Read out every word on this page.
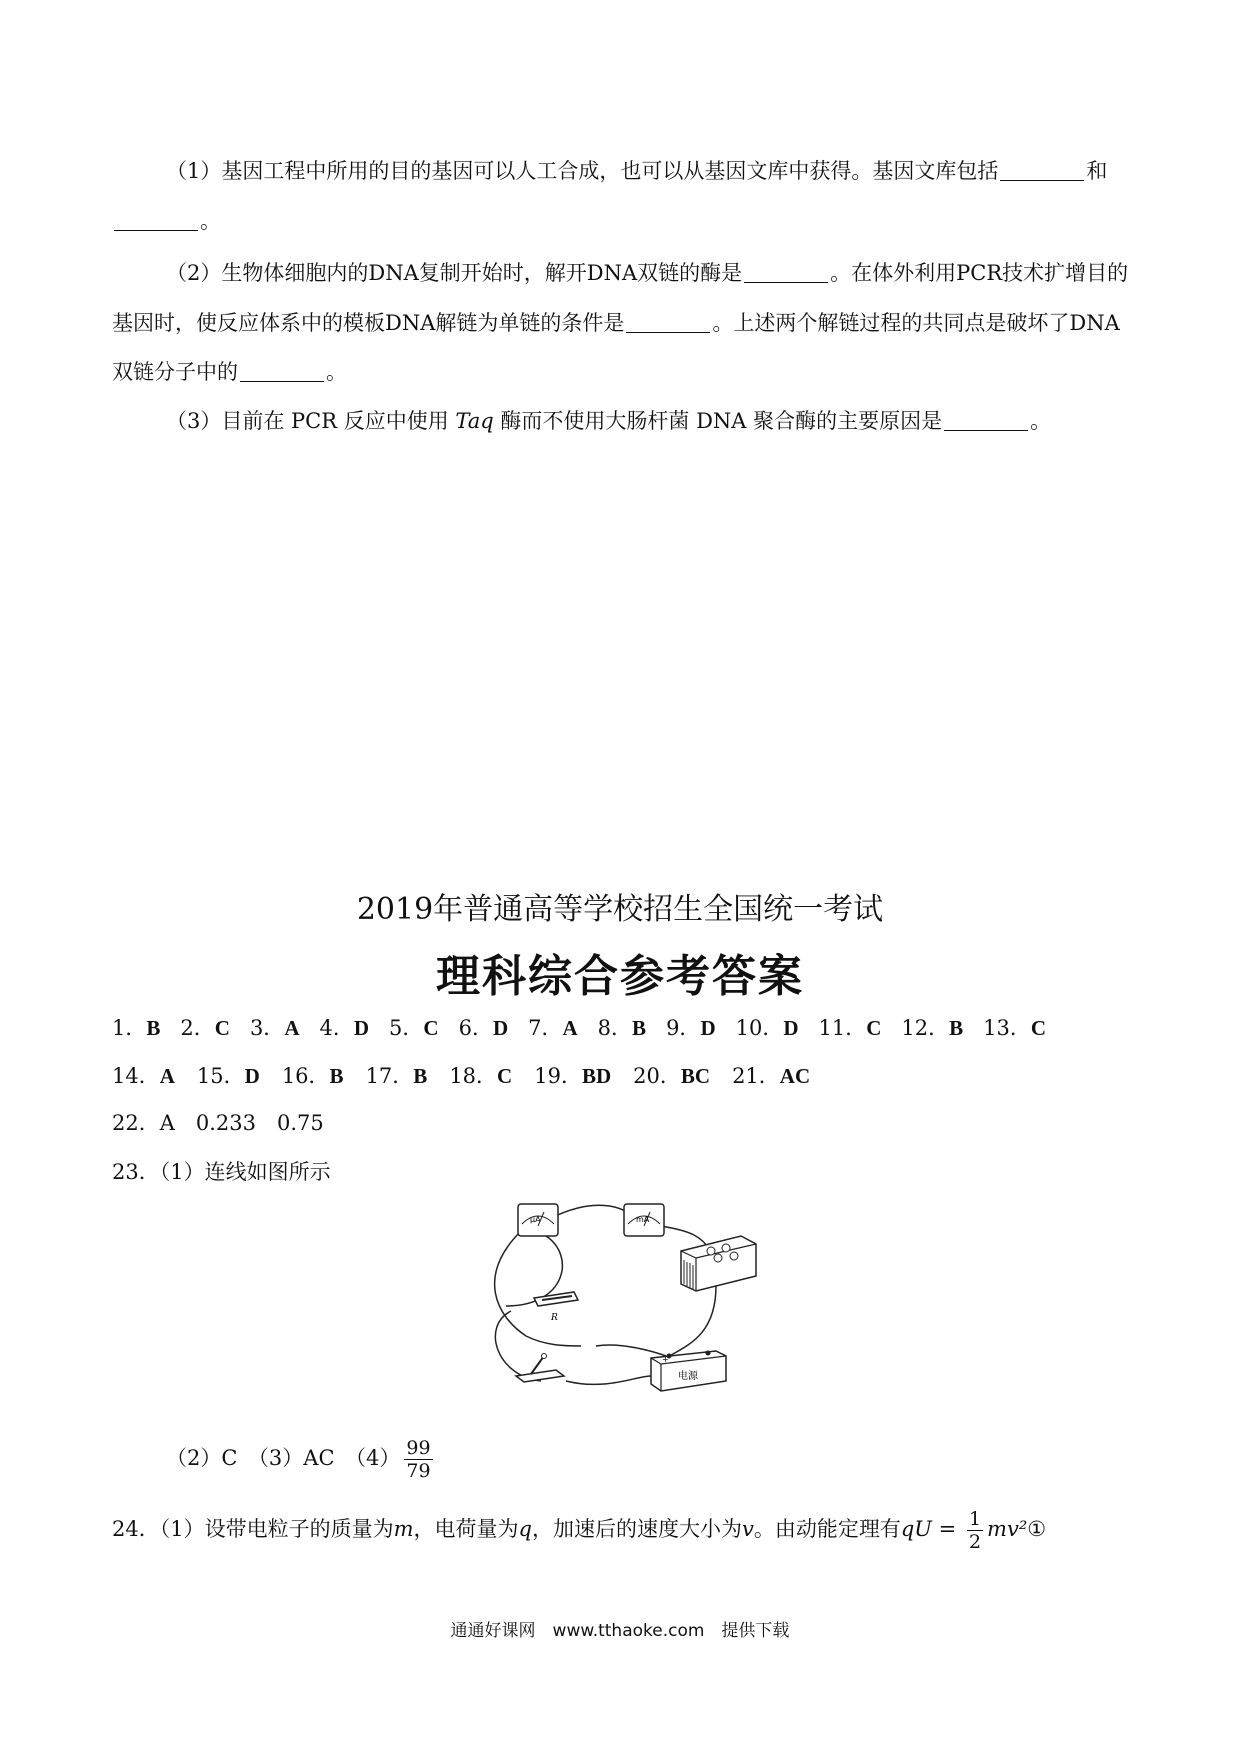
（1）基因工程中所用的目的基因可以人工合成，也可以从基因文库中获得。基因文库包括	和
。
（2）生物体细胞内的DNA复制开始时，解开DNA双链的酶是	。在体外利用PCR技术扩增目的
基因时，使反应体系中的模板DNA解链为单链的条件是	。上述两个解链过程的共同点是破坏了DNA
双链分子中的	。
（3）目前在 PCR 反应中使用 Taq 酶而不使用大肠杆菌 DNA 聚合酶的主要原因是	。
2019年普通高等学校招生全国统一考试
理科综合参考答案
1．B 2．C 3．A 4．D 5．C 6．D 7．A 8．B 9．D 10．D 11．C 12．B 13．C
14．A 15．D 16．B 17．B 18．C 19．BD 20．BC 21．AC
22．A　0.233　0.75
23．（1）连线如图所示
μA	mA
R
+
电源
（2）C　（3）AC　$(4) \frac{99}{79}$
24．（1）设带电粒子的质量为m，电荷量为q，加速后的速度大小为v。由动能定理有qU = $\frac{1}{2}$ mv²①
通通好课网　www.tthaoke.com　提供下载
